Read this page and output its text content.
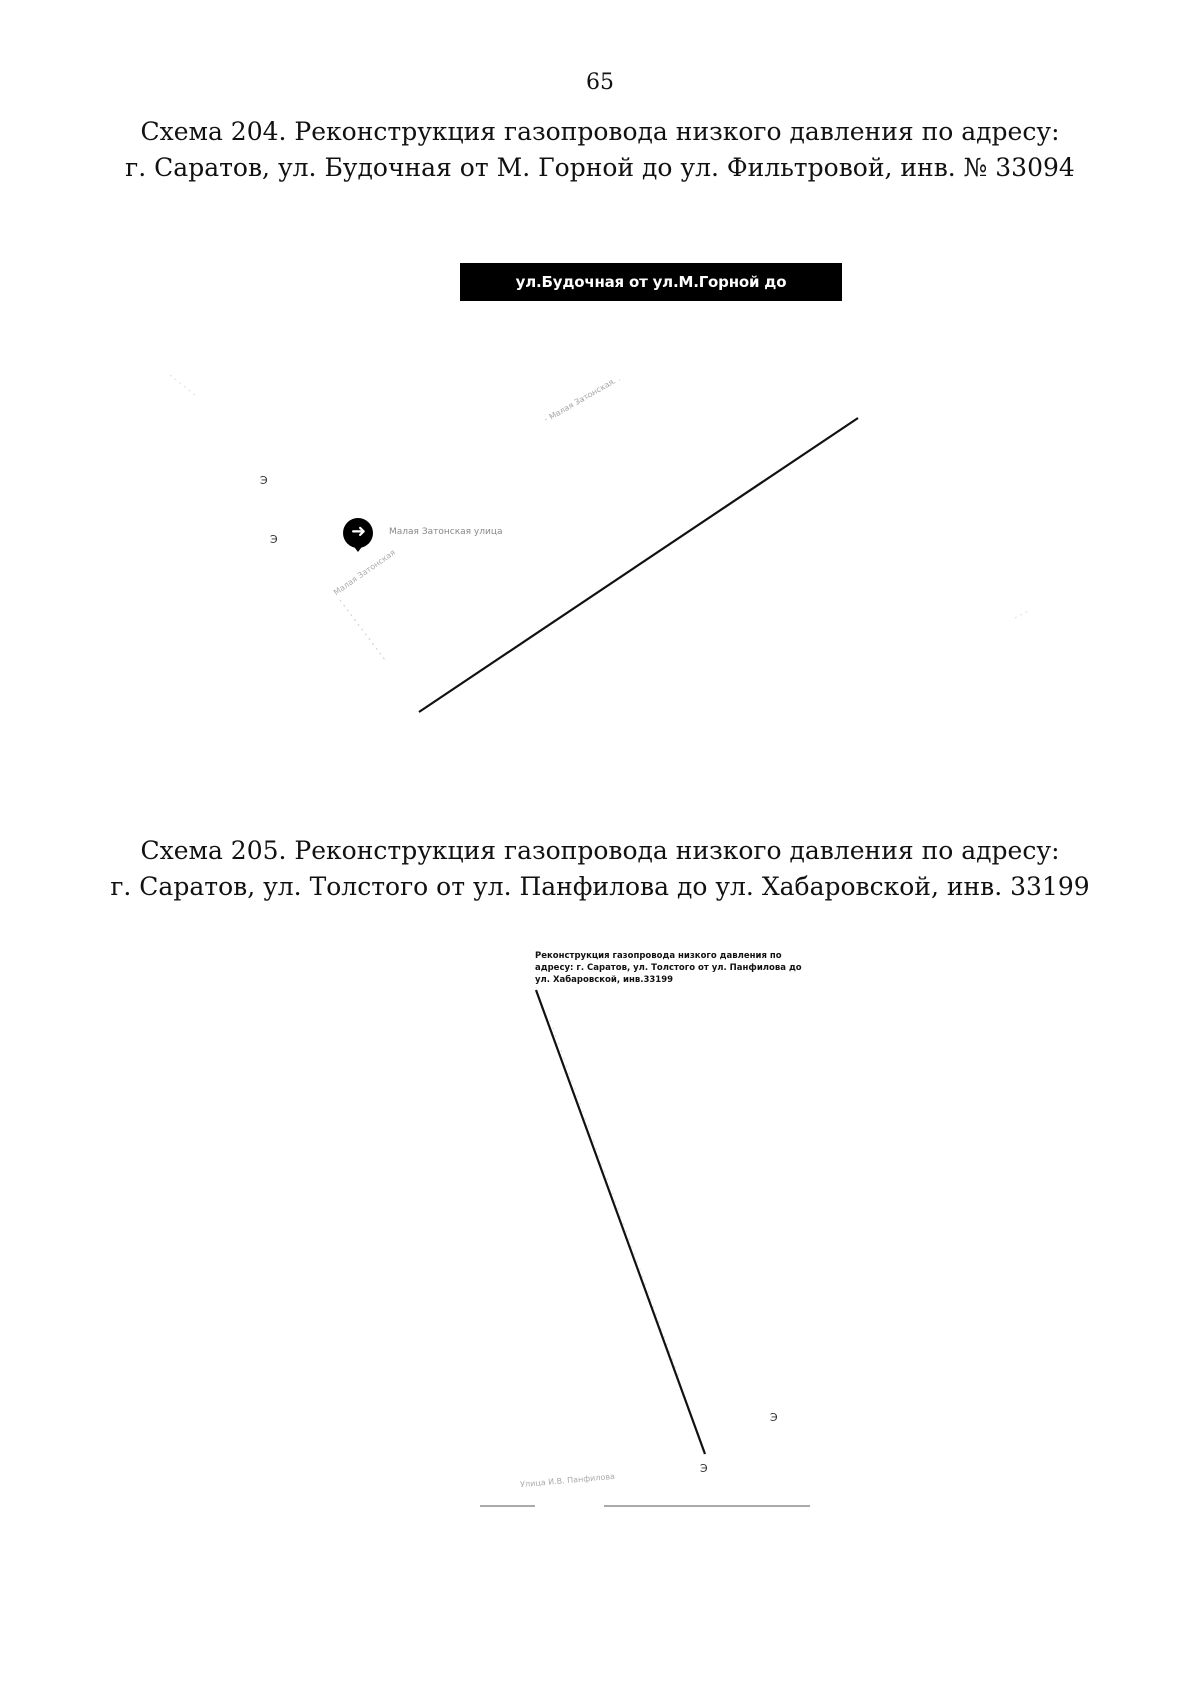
65
Схема 204. Реконструкция газопровода низкого давления по адресу:
г. Саратов, ул. Будочная от М. Горной до ул. Фильтровой, инв. № 33094
ул.Будочная от ул.М.Горной до ул.Фильтровой
➜	Малая Затонская улица
Малая Затонская
Малая Затонская
Э
Э
Схема 205. Реконструкция газопровода низкого давления по адресу:
г. Саратов, ул. Толстого от ул. Панфилова до ул. Хабаровской, инв. 33199
Реконструкция газопровода низкого давления по
адресу: г. Саратов, ул. Толстого от ул. Панфилова до
ул. Хабаровской, инв.33199
Э
Э
Улица И.В. Панфилова
